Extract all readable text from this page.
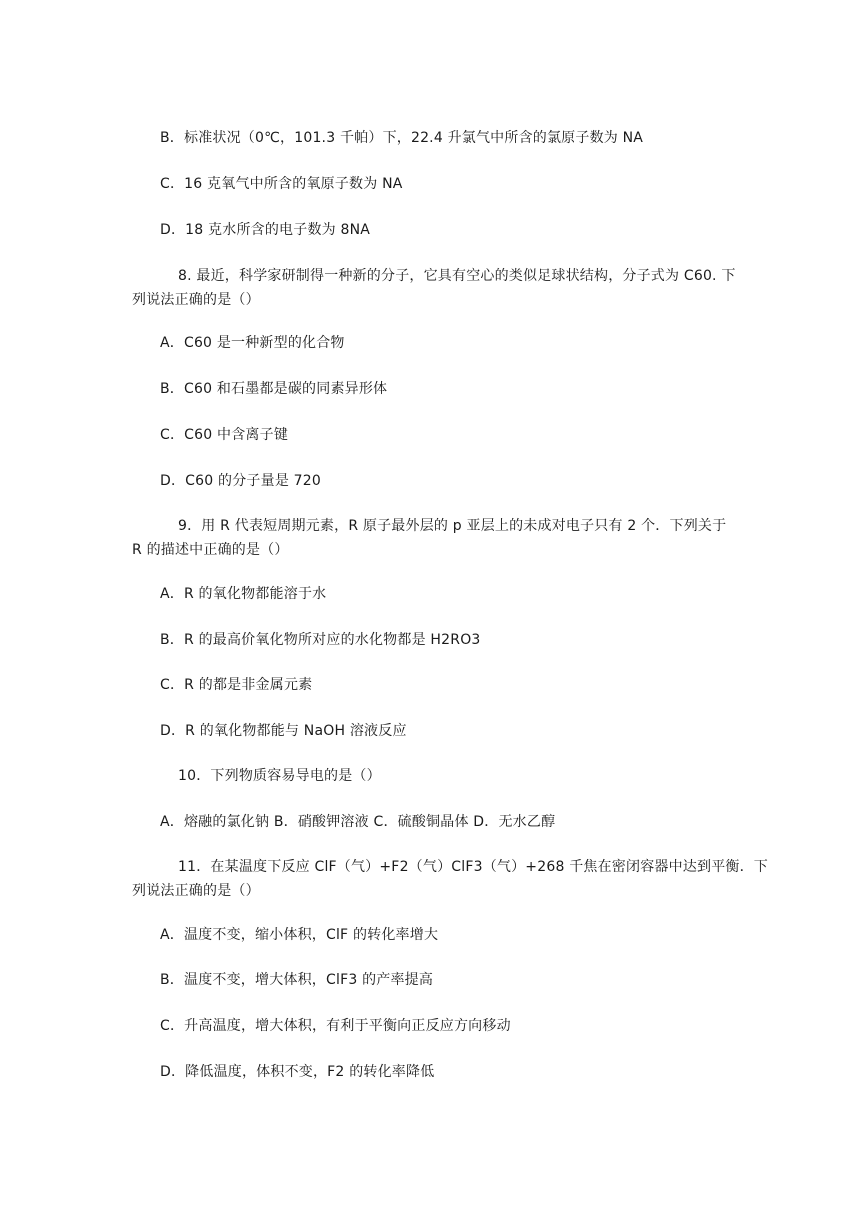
B．标准状况（0℃，101.3 千帕）下，22.4 升氯气中所含的氯原子数为 NA
C．16 克氧气中所含的氧原子数为 NA
D．18 克水所含的电子数为 8NA
8. 最近，科学家研制得一种新的分子，它具有空心的类似足球状结构，分子式为 C60. 下
列说法正确的是（）
A．C60 是一种新型的化合物
B．C60 和石墨都是碳的同素异形体
C．C60 中含离子键
D．C60 的分子量是 720
9．用 R 代表短周期元素，R 原子最外层的 p 亚层上的未成对电子只有 2 个．下列关于
R 的描述中正确的是（）
A．R 的氧化物都能溶于水
B．R 的最高价氧化物所对应的水化物都是 H2RO3
C．R 的都是非金属元素
D．R 的氧化物都能与 NaOH 溶液反应
10．下列物质容易导电的是（）
A．熔融的氯化钠 B．硝酸钾溶液 C．硫酸铜晶体 D．无水乙醇
11．在某温度下反应 ClF（气）+F2（气）ClF3（气）+268 千焦在密闭容器中达到平衡．下
列说法正确的是（）
A．温度不变，缩小体积，ClF 的转化率增大
B．温度不变，增大体积，ClF3 的产率提高
C．升高温度，增大体积，有利于平衡向正反应方向移动
D．降低温度，体积不变，F2 的转化率降低
